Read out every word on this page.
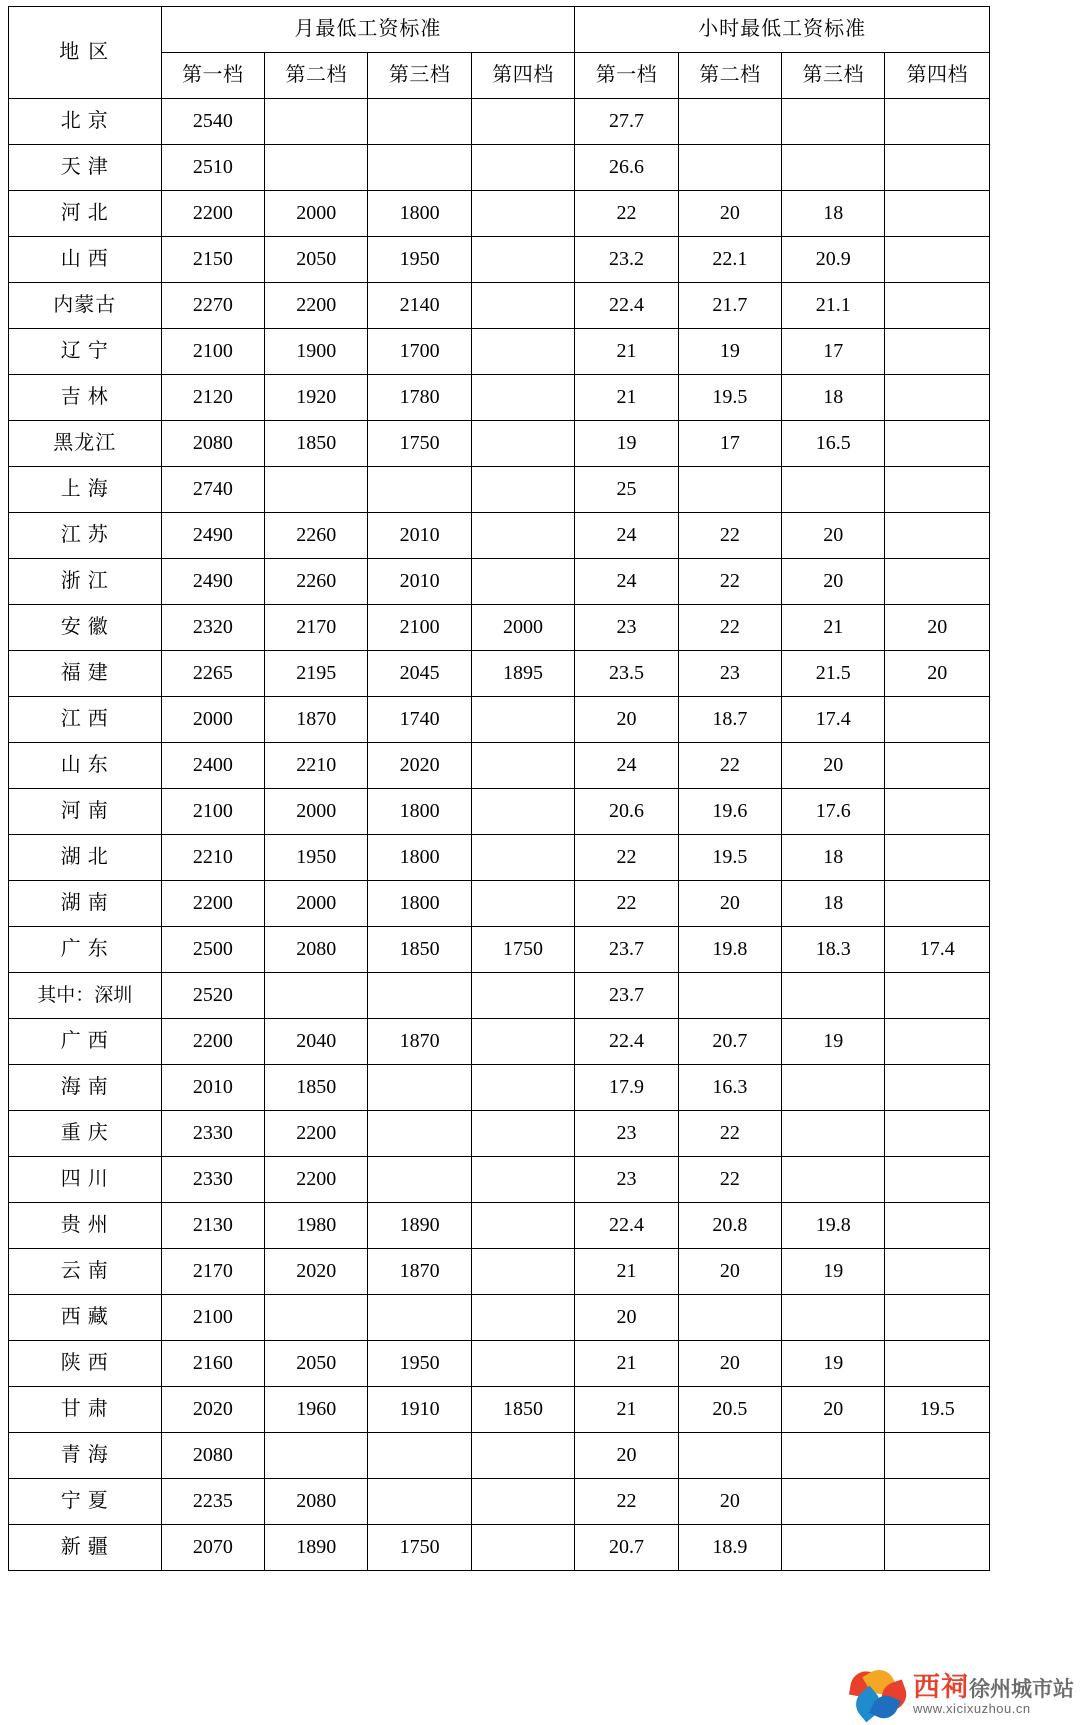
地 区	月最低工资标准				小时最低工资标准			
	第一档	第二档	第三档	第四档	第一档	第二档	第三档	第四档
北 京	2540				27.7			
天 津	2510				26.6			
河 北	2200	2000	1800		22	20	18	
山 西	2150	2050	1950		23.2	22.1	20.9	
内蒙古	2270	2200	2140		22.4	21.7	21.1	
辽 宁	2100	1900	1700		21	19	17	
吉 林	2120	1920	1780		21	19.5	18	
黑龙江	2080	1850	1750		19	17	16.5	
上 海	2740				25			
江 苏	2490	2260	2010		24	22	20	
浙 江	2490	2260	2010		24	22	20	
安 徽	2320	2170	2100	2000	23	22	21	20
福 建	2265	2195	2045	1895	23.5	23	21.5	20
江 西	2000	1870	1740		20	18.7	17.4	
山 东	2400	2210	2020		24	22	20	
河 南	2100	2000	1800		20.6	19.6	17.6	
湖 北	2210	1950	1800		22	19.5	18	
湖 南	2200	2000	1800		22	20	18	
广 东	2500	2080	1850	1750	23.7	19.8	18.3	17.4
其中：深圳	2520				23.7			
广 西	2200	2040	1870		22.4	20.7	19	
海 南	2010	1850			17.9	16.3		
重 庆	2330	2200			23	22		
四 川	2330	2200			23	22		
贵 州	2130	1980	1890		22.4	20.8	19.8	
云 南	2170	2020	1870		21	20	19	
西 藏	2100				20			
陕 西	2160	2050	1950		21	20	19	
甘 肃	2020	1960	1910	1850	21	20.5	20	19.5
青 海	2080				20			
宁 夏	2235	2080			22	20		
新 疆	2070	1890	1750		20.7	18.9		
西祠徐州城市站
www.xicixuzhou.cn
